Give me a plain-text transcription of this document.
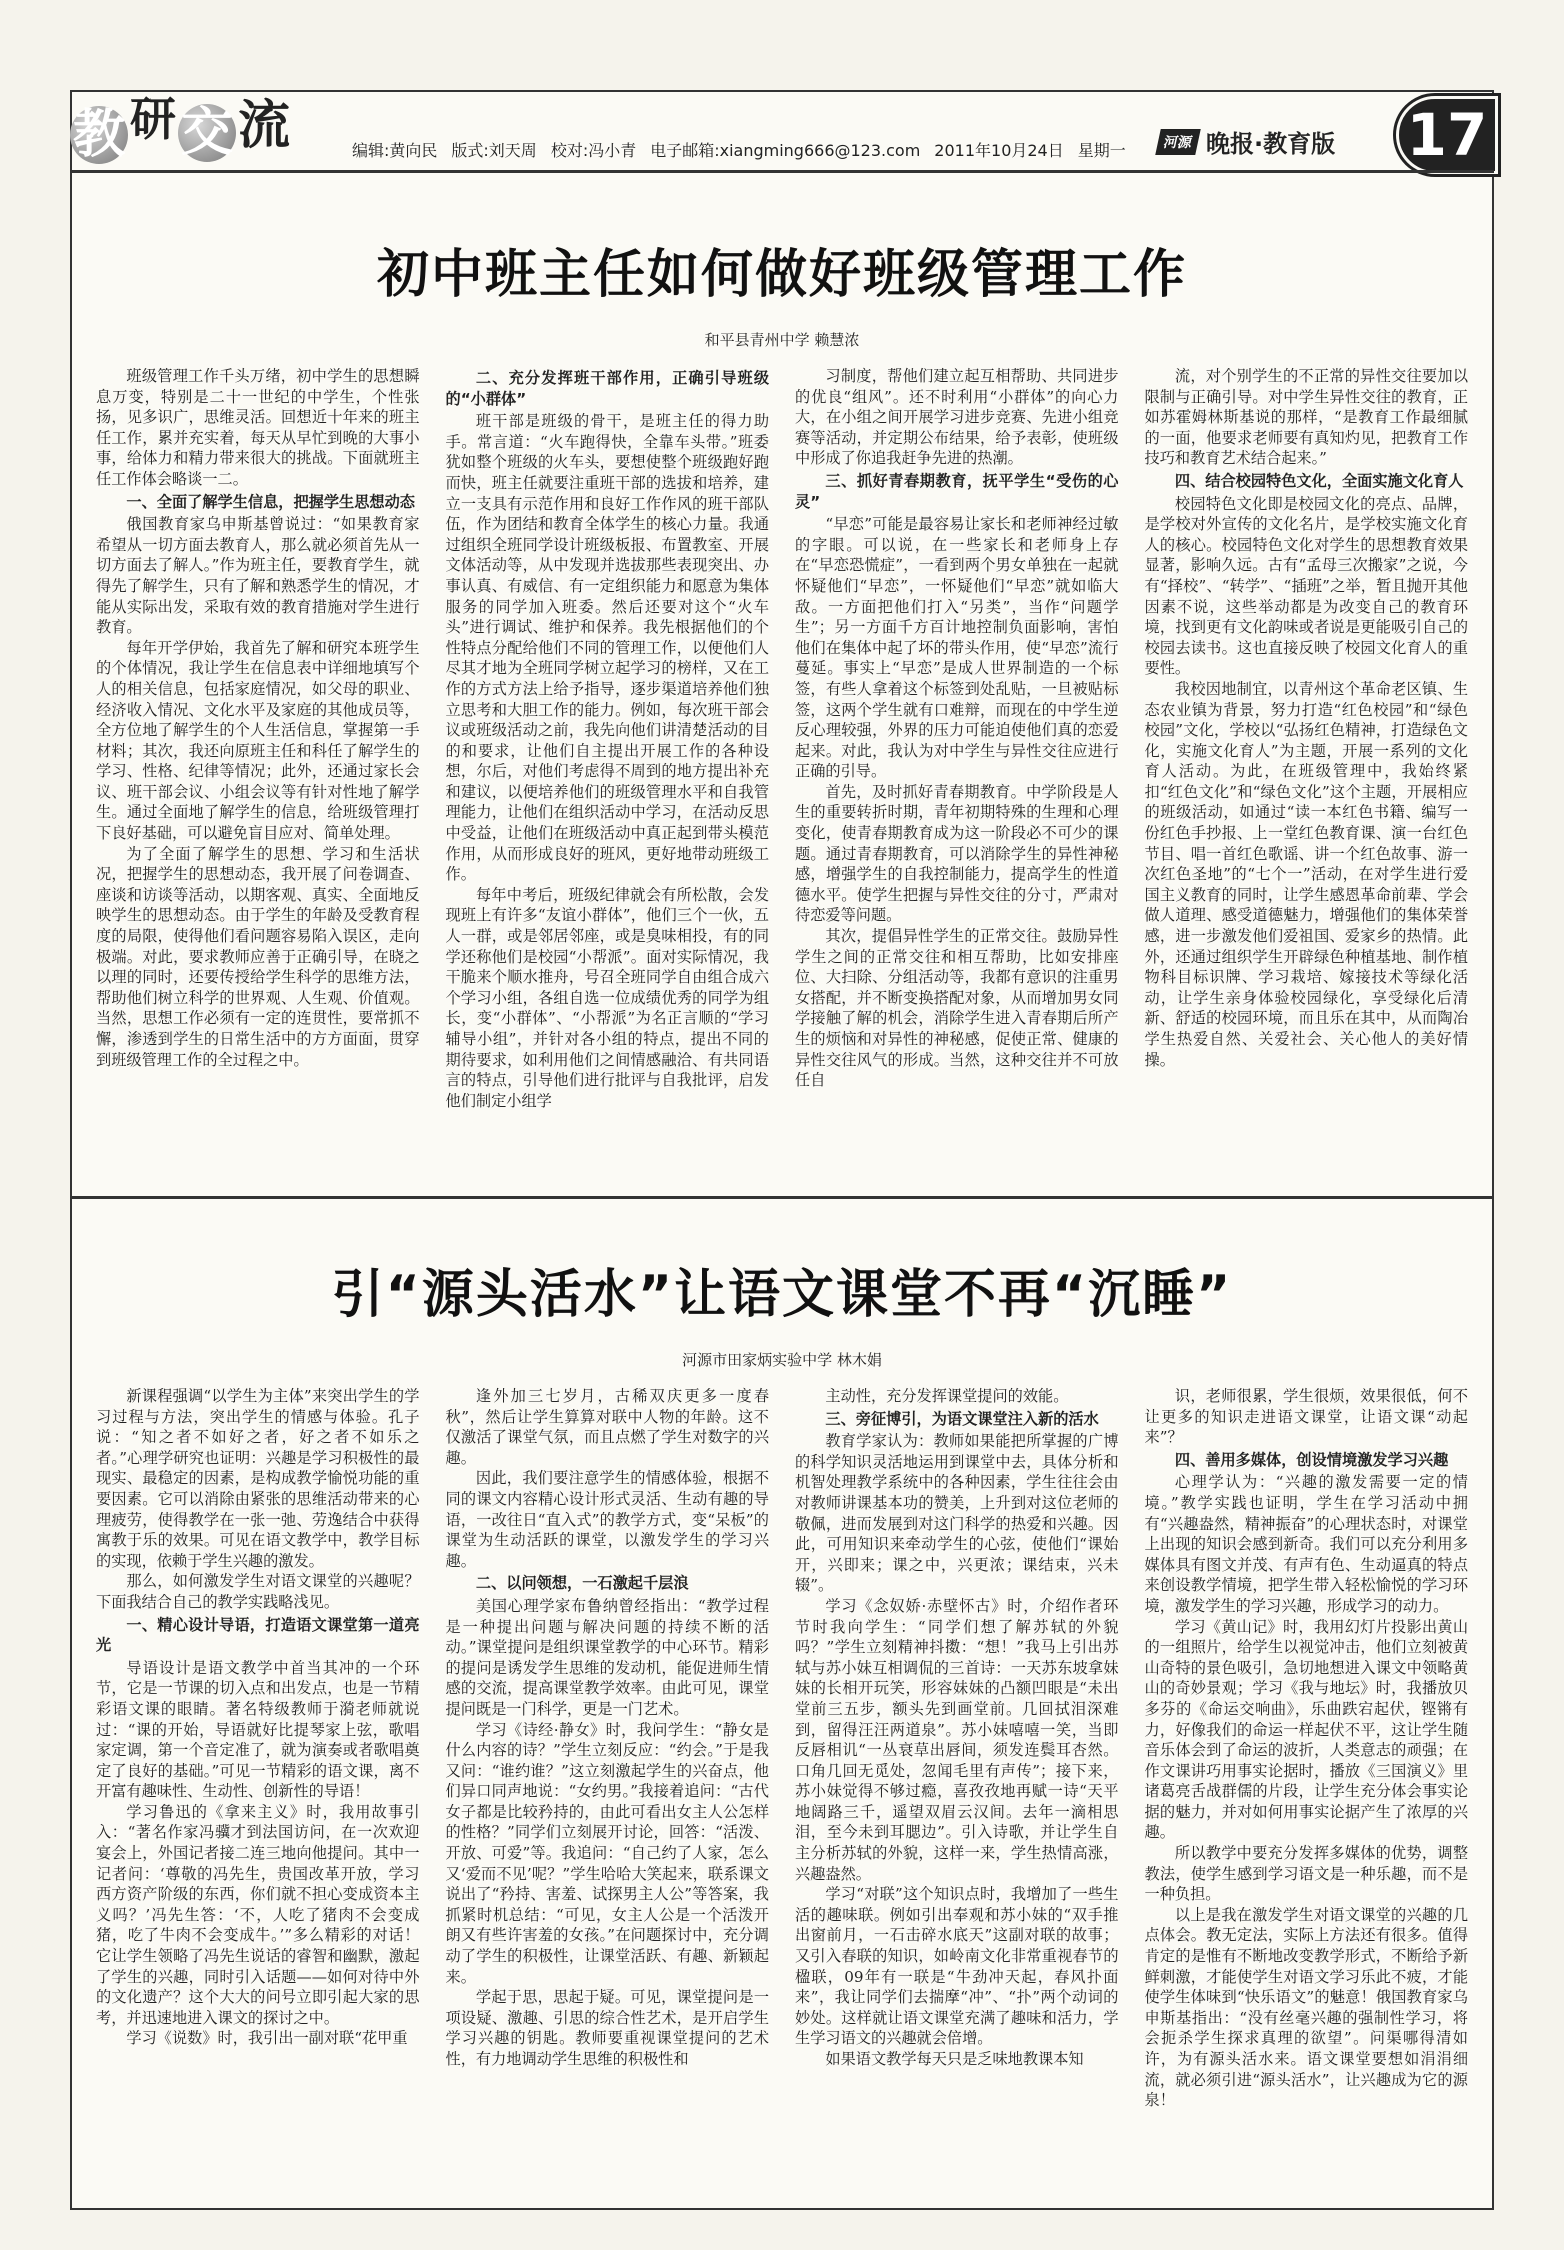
教 研 交 流	编辑:黄向民 版式:刘天周 校对:冯小青 电子邮箱:xiangming666@123.com 2011年10月24日 星期一	河源 晚报·教育版 17
初中班主任如何做好班级管理工作
和平县青州中学 赖慧浓

班级管理工作千头万绪，初中学生的思想瞬息万变，特别是二十一世纪的中学生，个性张扬，见多识广，思维灵活。回想近十年来的班主任工作，累并充实着，每天从早忙到晚的大事小事，给体力和精力带来很大的挑战。下面就班主任工作体会略谈一二。

一、全面了解学生信息，把握学生思想动态

俄国教育家乌申斯基曾说过：“如果教育家希望从一切方面去教育人，那么就必须首先从一切方面去了解人。”作为班主任，要教育学生，就得先了解学生，只有了解和熟悉学生的情况，才能从实际出发，采取有效的教育措施对学生进行教育。

每年开学伊始，我首先了解和研究本班学生的个体情况，我让学生在信息表中详细地填写个人的相关信息，包括家庭情况，如父母的职业、经济收入情况、文化水平及家庭的其他成员等，全方位地了解学生的个人生活信息，掌握第一手材料；其次，我还向原班主任和科任了解学生的学习、性格、纪律等情况；此外，还通过家长会议、班干部会议、小组会议等有针对性地了解学生。通过全面地了解学生的信息，给班级管理打下良好基础，可以避免盲目应对、简单处理。

为了全面了解学生的思想、学习和生活状况，把握学生的思想动态，我开展了问卷调查、座谈和访谈等活动，以期客观、真实、全面地反映学生的思想动态。由于学生的年龄及受教育程度的局限，使得他们看问题容易陷入误区，走向极端。对此，要求教师应善于正确引导，在晓之以理的同时，还要传授给学生科学的思维方法，帮助他们树立科学的世界观、人生观、价值观。当然，思想工作必须有一定的连贯性，要常抓不懈，渗透到学生的日常生活中的方方面面，贯穿到班级管理工作的全过程之中。

二、充分发挥班干部作用，正确引导班级的“小群体”

班干部是班级的骨干，是班主任的得力助手。常言道：“火车跑得快，全靠车头带。”班委犹如整个班级的火车头，要想使整个班级跑好跑而快，班主任就要注重班干部的选拔和培养，建立一支具有示范作用和良好工作作风的班干部队伍，作为团结和教育全体学生的核心力量。我通过组织全班同学设计班级板报、布置教室、开展文体活动等，从中发现并选拔那些表现突出、办事认真、有威信、有一定组织能力和愿意为集体服务的同学加入班委。然后还要对这个“火车头”进行调试、维护和保养。我先根据他们的个性特点分配给他们不同的管理工作，以便他们人尽其才地为全班同学树立起学习的榜样，又在工作的方式方法上给予指导，逐步渠道培养他们独立思考和大胆工作的能力。例如，每次班干部会议或班级活动之前，我先向他们讲清楚活动的目的和要求，让他们自主提出开展工作的各种设想，尔后，对他们考虑得不周到的地方提出补充和建议，以便培养他们的班级管理水平和自我管理能力，让他们在组织活动中学习，在活动反思中受益，让他们在班级活动中真正起到带头模范作用，从而形成良好的班风，更好地带动班级工作。

每年中考后，班级纪律就会有所松散，会发现班上有许多“友谊小群体”，他们三个一伙，五人一群，或是邻居邻座，或是臭味相投，有的同学还称他们是校园“小帮派”。面对实际情况，我干脆来个顺水推舟，号召全班同学自由组合成六个学习小组，各组自选一位成绩优秀的同学为组长，变“小群体”、“小帮派”为名正言顺的“学习辅导小组”，并针对各小组的特点，提出不同的期待要求，如利用他们之间情感融洽、有共同语言的特点，引导他们进行批评与自我批评，启发他们制定小组学

习制度，帮他们建立起互相帮助、共同进步的优良“组风”。还不时利用“小群体”的向心力大，在小组之间开展学习进步竞赛、先进小组竞赛等活动，并定期公布结果，给予表彰，使班级中形成了你追我赶争先进的热潮。

三、抓好青春期教育，抚平学生“受伤的心灵”

“早恋”可能是最容易让家长和老师神经过敏的字眼。可以说，在一些家长和老师身上存在“早恋恐慌症”，一看到两个男女单独在一起就怀疑他们“早恋”，一怀疑他们“早恋”就如临大敌。一方面把他们打入“另类”，当作“问题学生”；另一方面千方百计地控制负面影响，害怕他们在集体中起了坏的带头作用，使“早恋”流行蔓延。事实上“早恋”是成人世界制造的一个标签，有些人拿着这个标签到处乱贴，一旦被贴标签，这两个学生就有口难辩，而现在的中学生逆反心理较强，外界的压力可能迫使他们真的恋爱起来。对此，我认为对中学生与异性交往应进行正确的引导。

首先，及时抓好青春期教育。中学阶段是人生的重要转折时期，青年初期特殊的生理和心理变化，使青春期教育成为这一阶段必不可少的课题。通过青春期教育，可以消除学生的异性神秘感，增强学生的自我控制能力，提高学生的性道德水平。使学生把握与异性交往的分寸，严肃对待恋爱等问题。

其次，提倡异性学生的正常交往。鼓励异性学生之间的正常交往和相互帮助，比如安排座位、大扫除、分组活动等，我都有意识的注重男女搭配，并不断变换搭配对象，从而增加男女同学接触了解的机会，消除学生进入青春期后所产生的烦恼和对异性的神秘感，促使正常、健康的异性交往风气的形成。当然，这种交往并不可放任自

流，对个别学生的不正常的异性交往要加以限制与正确引导。对中学生异性交往的教育，正如苏霍姆林斯基说的那样，“是教育工作最细腻的一面，他要求老师要有真知灼见，把教育工作技巧和教育艺术结合起来。”

四、结合校园特色文化，全面实施文化育人

校园特色文化即是校园文化的亮点、品牌，是学校对外宣传的文化名片，是学校实施文化育人的核心。校园特色文化对学生的思想教育效果显著，影响久远。古有“孟母三次搬家”之说，今有“择校”、“转学”、“插班”之举，暂且抛开其他因素不说，这些举动都是为改变自己的教育环境，找到更有文化韵味或者说是更能吸引自己的校园去读书。这也直接反映了校园文化育人的重要性。

我校因地制宜，以青州这个革命老区镇、生态农业镇为背景，努力打造“红色校园”和“绿色校园”文化，学校以“弘扬红色精神，打造绿色文化，实施文化育人”为主题，开展一系列的文化育人活动。为此，在班级管理中，我始终紧扣“红色文化”和“绿色文化”这个主题，开展相应的班级活动，如通过“读一本红色书籍、编写一份红色手抄报、上一堂红色教育课、演一台红色节目、唱一首红色歌谣、讲一个红色故事、游一次红色圣地”的“七个一”活动，在对学生进行爱国主义教育的同时，让学生感恩革命前辈、学会做人道理、感受道德魅力，增强他们的集体荣誉感，进一步激发他们爱祖国、爱家乡的热情。此外，还通过组织学生开辟绿色种植基地、制作植物科目标识牌、学习栽培、嫁接技术等绿化活动，让学生亲身体验校园绿化，享受绿化后清新、舒适的校园环境，而且乐在其中，从而陶冶学生热爱自然、关爱社会、关心他人的美好情操。

引“源头活水”让语文课堂不再“沉睡”
河源市田家炳实验中学 林木娟

新课程强调“以学生为主体”来突出学生的学习过程与方法，突出学生的情感与体验。孔子说：“知之者不如好之者，好之者不如乐之者。”心理学研究也证明：兴趣是学习积极性的最现实、最稳定的因素，是构成教学愉悦功能的重要因素。它可以消除由紧张的思维活动带来的心理疲劳，使得教学在一张一弛、劳逸结合中获得寓教于乐的效果。可见在语文教学中，教学目标的实现，依赖于学生兴趣的激发。

那么，如何激发学生对语文课堂的兴趣呢？下面我结合自己的教学实践略浅见。

一、精心设计导语，打造语文课堂第一道亮光

导语设计是语文教学中首当其冲的一个环节，它是一节课的切入点和出发点，也是一节精彩语文课的眼睛。著名特级教师于漪老师就说过：“课的开始，导语就好比提琴家上弦，歌唱家定调，第一个音定准了，就为演奏或者歌唱奠定了良好的基础。”可见一节精彩的语文课，离不开富有趣味性、生动性、创新性的导语！

学习鲁迅的《拿来主义》时，我用故事引入：“著名作家冯骥才到法国访问，在一次欢迎宴会上，外国记者接二连三地向他提问。其中一记者问：‘尊敬的冯先生，贵国改革开放，学习西方资产阶级的东西，你们就不担心变成资本主义吗？’冯先生答：‘不，人吃了猪肉不会变成猪，吃了牛肉不会变成牛。’”多么精彩的对话！它让学生领略了冯先生说话的睿智和幽默，激起了学生的兴趣，同时引入话题——如何对待中外的文化遗产？这个大大的问号立即引起大家的思考，并迅速地进入课文的探讨之中。

学习《说数》时，我引出一副对联“花甲重

逢外加三七岁月，古稀双庆更多一度春秋”，然后让学生算算对联中人物的年龄。这不仅激活了课堂气氛，而且点燃了学生对数字的兴趣。

因此，我们要注意学生的情感体验，根据不同的课文内容精心设计形式灵活、生动有趣的导语，一改往日“直入式”的教学方式，变“呆板”的课堂为生动活跃的课堂，以激发学生的学习兴趣。

二、以问领想，一石激起千层浪

美国心理学家布鲁纳曾经指出：“教学过程是一种提出问题与解决问题的持续不断的活动。”课堂提问是组织课堂教学的中心环节。精彩的提问是诱发学生思维的发动机，能促进师生情感的交流，提高课堂教学效率。由此可见，课堂提问既是一门科学，更是一门艺术。

学习《诗经·静女》时，我问学生：“静女是什么内容的诗？”学生立刻反应：“约会。”于是我又问：“谁约谁？”这立刻激起学生的兴奋点，他们异口同声地说：“女约男。”我接着追问：“古代女子都是比较矜持的，由此可看出女主人公怎样的性格？”同学们立刻展开讨论，回答：“活泼、开放、可爱”等。我追问：“自己约了人家，怎么又‘爱而不见’呢？”学生哈哈大笑起来，联系课文说出了“矜持、害羞、试探男主人公”等答案，我抓紧时机总结：“可见，女主人公是一个活泼开朗又有些许害羞的女孩。”在问题探讨中，充分调动了学生的积极性，让课堂活跃、有趣、新颖起来。

学起于思，思起于疑。可见，课堂提问是一项设疑、激趣、引思的综合性艺术，是开启学生学习兴趣的钥匙。教师要重视课堂提问的艺术性，有力地调动学生思维的积极性和

主动性，充分发挥课堂提问的效能。

三、旁征博引，为语文课堂注入新的活水

教育学家认为：教师如果能把所掌握的广博的科学知识灵活地运用到课堂中去，具体分析和机智处理教学系统中的各种因素，学生往往会由对教师讲课基本功的赞美，上升到对这位老师的敬佩，进而发展到对这门科学的热爱和兴趣。因此，可用知识来牵动学生的心弦，使他们“课始开，兴即来；课之中，兴更浓；课结束，兴未辍”。

学习《念奴娇·赤壁怀古》时，介绍作者环节时我向学生：“同学们想了解苏轼的外貌吗？”学生立刻精神抖擞：“想！”我马上引出苏轼与苏小妹互相调侃的三首诗：一天苏东坡拿妹妹的长相开玩笑，形容妹妹的凸额凹眼是“未出堂前三五步，额头先到画堂前。几回拭泪深难到，留得汪汪两道泉”。苏小妹嘻嘻一笑，当即反唇相讥“一丛衰草出唇间，须发连鬓耳杏然。口角几回无觅处，忽闻毛里有声传”；接下来，苏小妹觉得不够过瘾，喜孜孜地再赋一诗“天平地阔路三千，遥望双眉云汉间。去年一滴相思泪，至今未到耳腮边”。引入诗歌，并让学生自主分析苏轼的外貌，这样一来，学生热情高涨，兴趣盎然。

学习“对联”这个知识点时，我增加了一些生活的趣味联。例如引出奉观和苏小妹的“双手推出窗前月，一石击碎水底天”这副对联的故事；又引入春联的知识，如岭南文化非常重视春节的楹联，09年有一联是“牛劲冲天起，春风扑面来”，我让同学们去揣摩“冲”、“扑”两个动词的妙处。这样就让语文课堂充满了趣味和活力，学生学习语文的兴趣就会倍增。

如果语文教学每天只是乏味地教课本知

识，老师很累，学生很烦，效果很低，何不让更多的知识走进语文课堂，让语文课“动起来”？

四、善用多媒体，创设情境激发学习兴趣

心理学认为：“兴趣的激发需要一定的情境。”教学实践也证明，学生在学习活动中拥有“兴趣盎然，精神振奋”的心理状态时，对课堂上出现的知识会感到新奇。我们可以充分利用多媒体具有图文并茂、有声有色、生动逼真的特点来创设教学情境，把学生带入轻松愉悦的学习环境，激发学生的学习兴趣，形成学习的动力。

学习《黄山记》时，我用幻灯片投影出黄山的一组照片，给学生以视觉冲击，他们立刻被黄山奇特的景色吸引，急切地想进入课文中领略黄山的奇妙景观；学习《我与地坛》时，我播放贝多芬的《命运交响曲》，乐曲跌宕起伏，铿锵有力，好像我们的命运一样起伏不平，这让学生随音乐体会到了命运的波折，人类意志的顽强；在作文课讲巧用事实论据时，播放《三国演义》里诸葛亮舌战群儒的片段，让学生充分体会事实论据的魅力，并对如何用事实论据产生了浓厚的兴趣。

所以教学中要充分发挥多媒体的优势，调整教法，使学生感到学习语文是一种乐趣，而不是一种负担。

以上是我在激发学生对语文课堂的兴趣的几点体会。教无定法，实际上方法还有很多。值得肯定的是惟有不断地改变教学形式，不断给予新鲜刺激，才能使学生对语文学习乐此不疲，才能使学生体味到“快乐语文”的魅意！俄国教育家乌申斯基指出：“没有丝毫兴趣的强制性学习，将会扼杀学生探求真理的欲望”。问渠哪得清如许，为有源头活水来。语文课堂要想如涓涓细流，就必须引进“源头活水”，让兴趣成为它的源泉！
